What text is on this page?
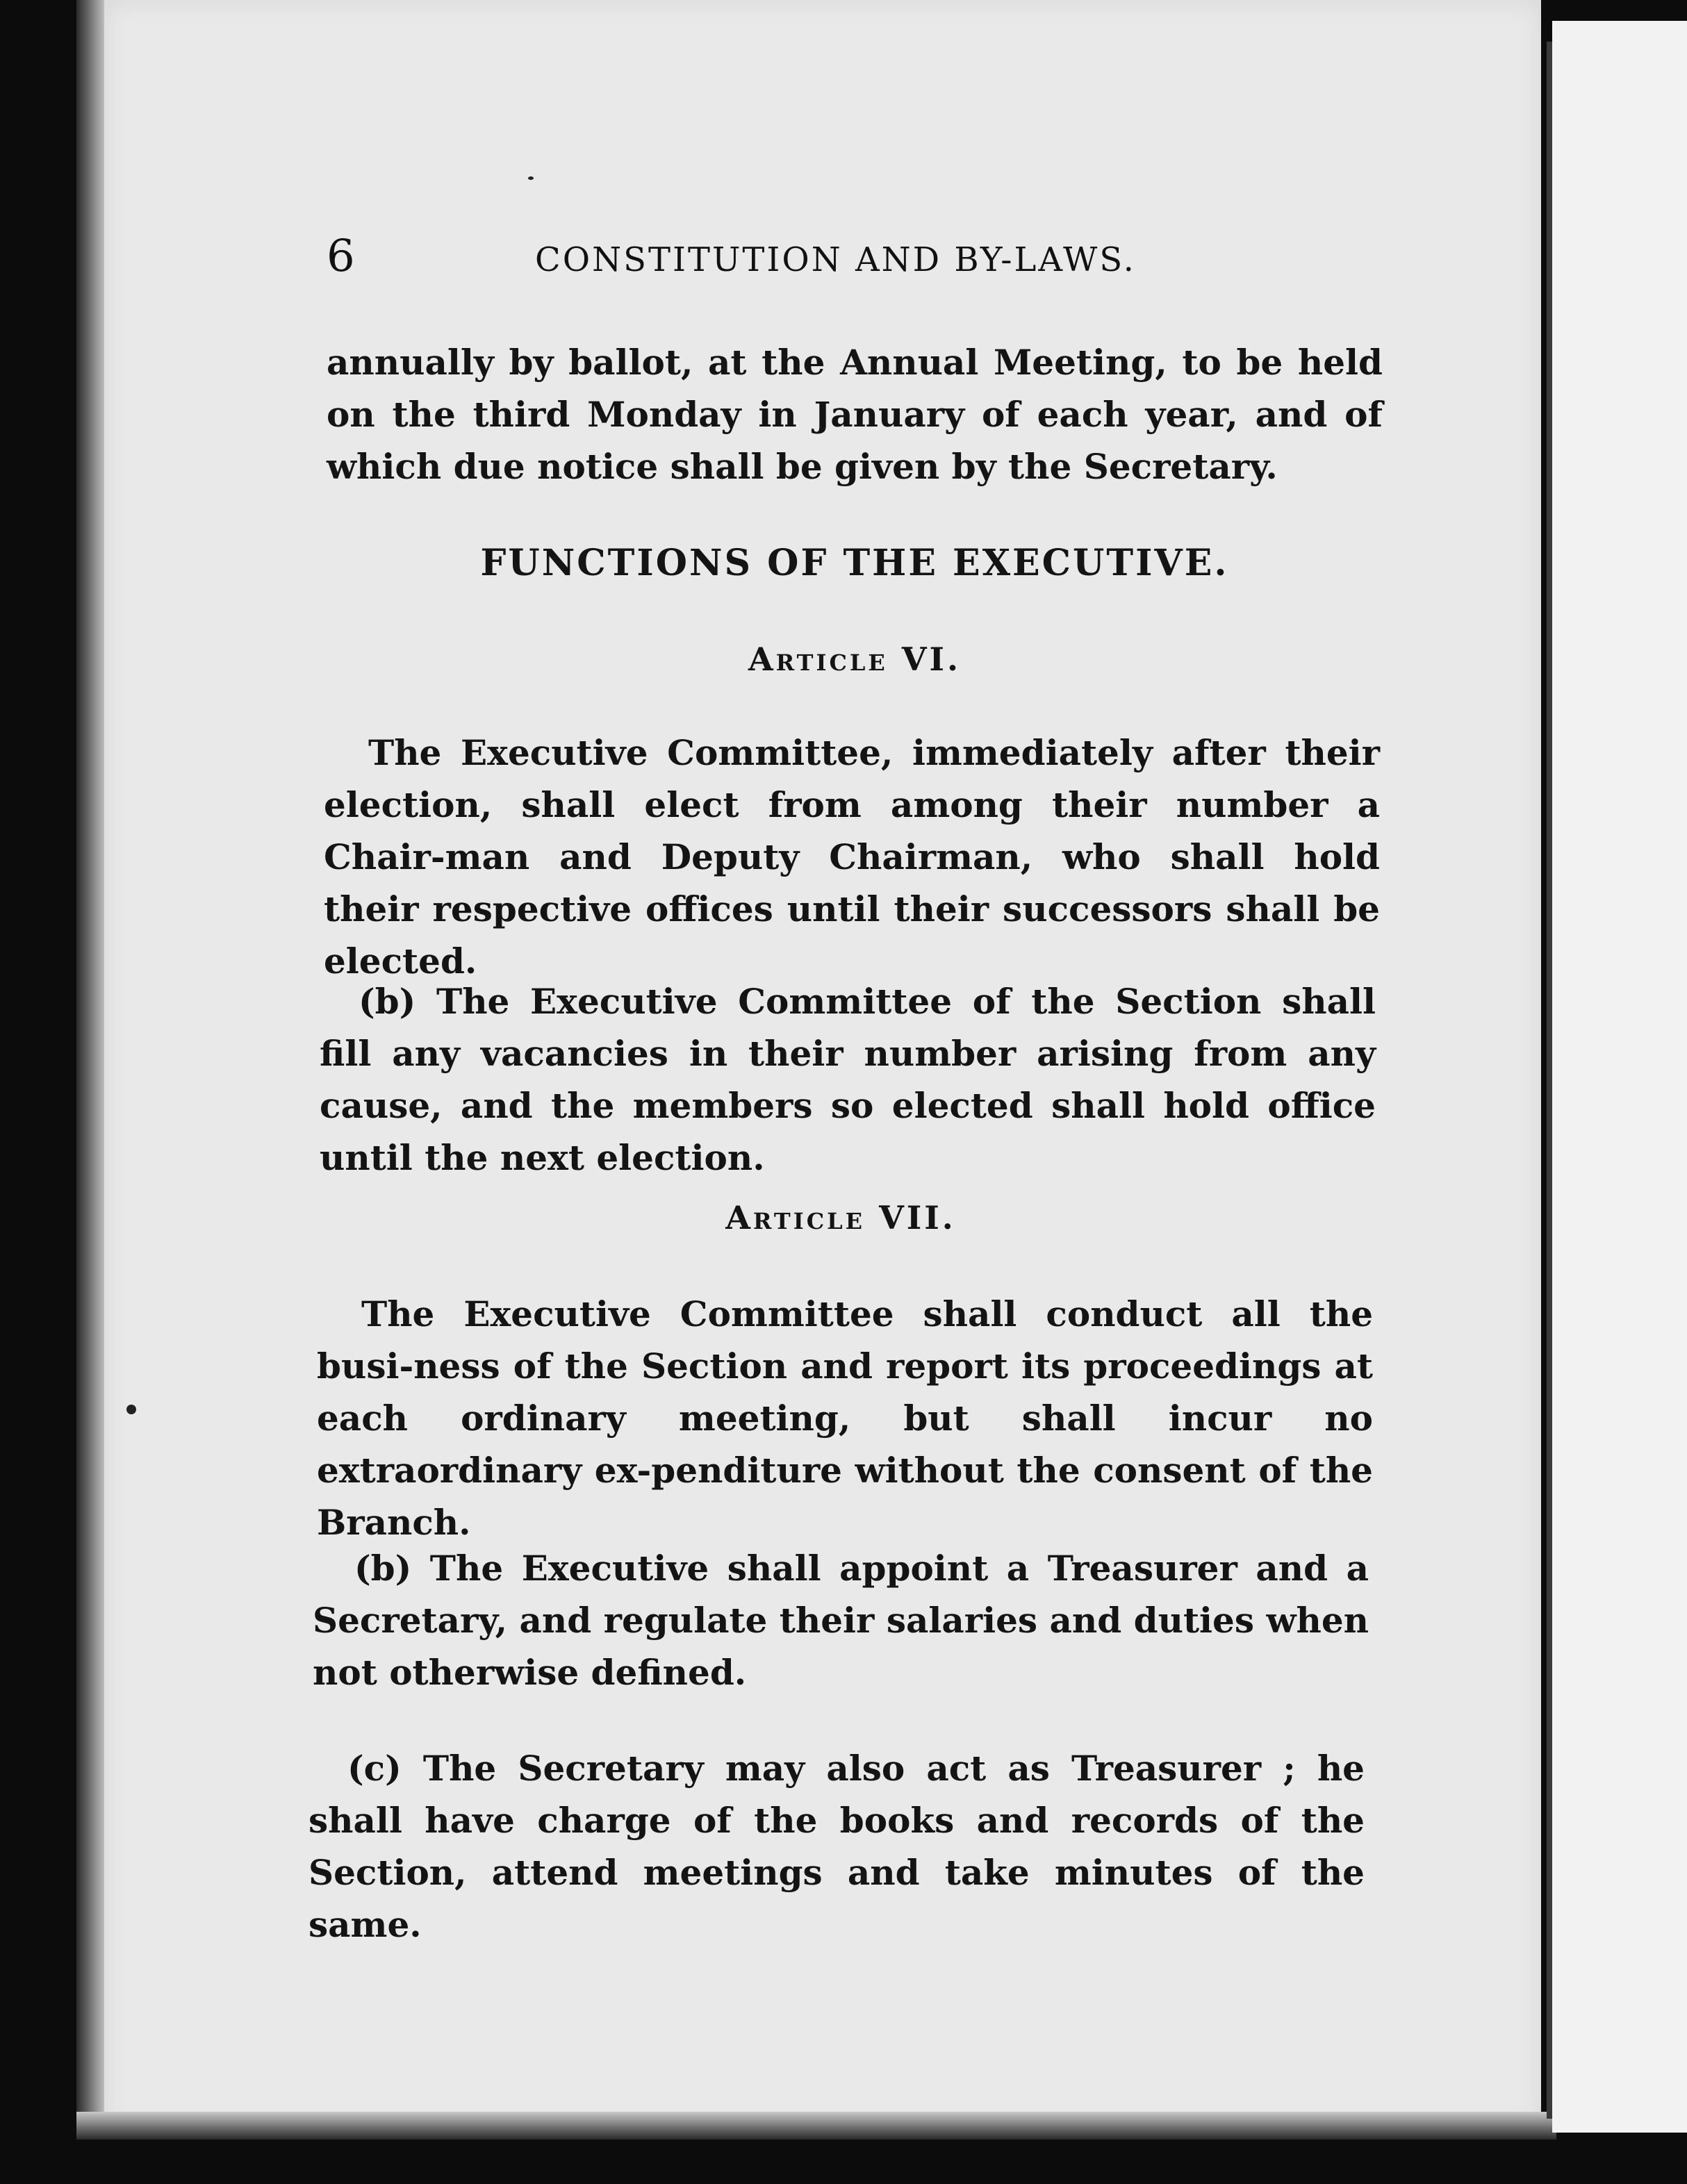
6	CONSTITUTION AND BY-LAWS.

annually by ballot, at the Annual Meeting, to be held on the third Monday in January of each year, and of which due notice shall be given by the Secretary.

FUNCTIONS OF THE EXECUTIVE.
Article VI.

The Executive Committee, immediately after their election, shall elect from among their number a Chair-man and Deputy Chairman, who shall hold their respective offices until their successors shall be elected.

(b) The Executive Committee of the Section shall fill any vacancies in their number arising from any cause, and the members so elected shall hold office until the next election.

Article VII.

The Executive Committee shall conduct all the busi-ness of the Section and report its proceedings at each ordinary meeting, but shall incur no extraordinary ex-penditure without the consent of the Branch.

(b) The Executive shall appoint a Treasurer and a Secretary, and regulate their salaries and duties when not otherwise defined.

(c) The Secretary may also act as Treasurer ; he shall have charge of the books and records of the Section, attend meetings and take minutes of the same.
